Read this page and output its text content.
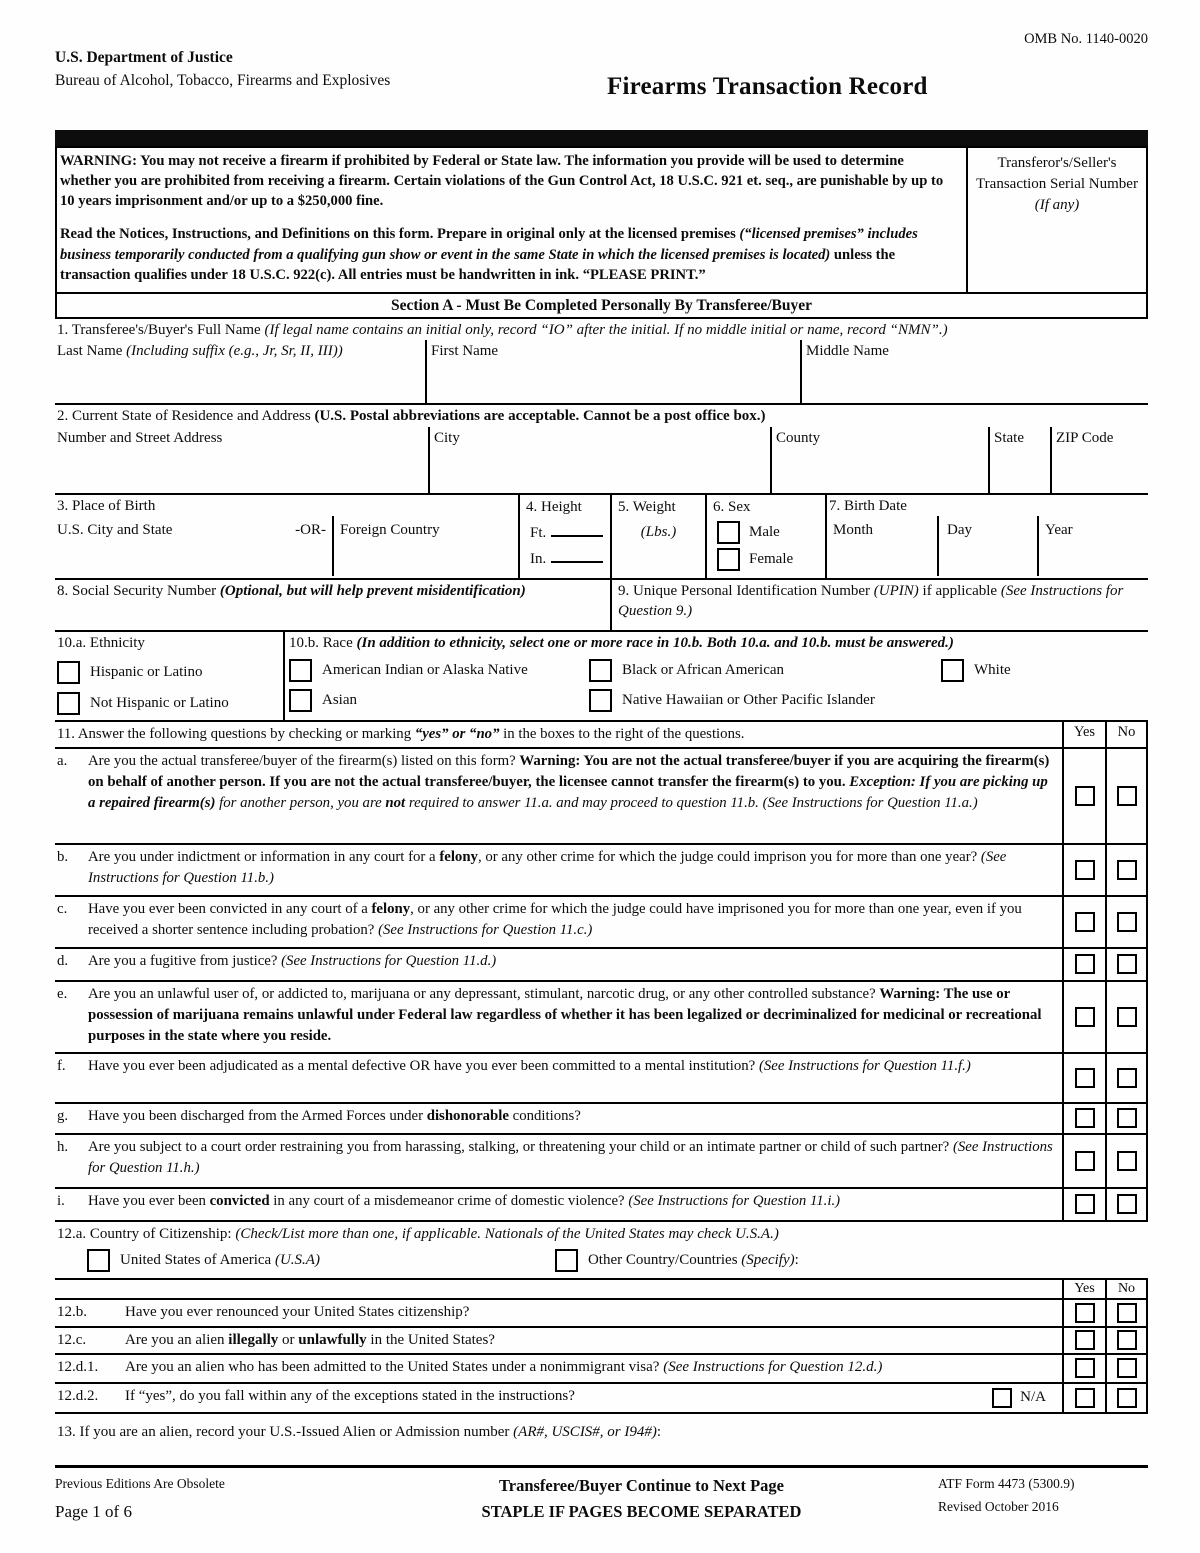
OMB No. 1140-0020
U.S. Department of Justice
Bureau of Alcohol, Tobacco, Firearms and Explosives	Firearms Transaction Record

WARNING: You may not receive a firearm if prohibited by Federal or State law. The information you provide will be used to determine whether you are prohibited from receiving a firearm. Certain violations of the Gun Control Act, 18 U.S.C. 921 et. seq., are punishable by up to 10 years imprisonment and/or up to a $250,000 fine.

Read the Notices, Instructions, and Definitions on this form. Prepare in original only at the licensed premises (“licensed premises” includes business temporarily conducted from a qualifying gun show or event in the same State in which the licensed premises is located) unless the transaction qualifies under 18 U.S.C. 922(c). All entries must be handwritten in ink. “PLEASE PRINT.”

Transferor's/Seller's Transaction Serial Number (If any)
Section A - Must Be Completed Personally By Transferee/Buyer
1. Transferee's/Buyer's Full Name (If legal name contains an initial only, record “IO” after the initial. If no middle initial or name, record “NMN”.)
Last Name (Including suffix (e.g., Jr, Sr, II, III))	First Name	Middle Name
2. Current State of Residence and Address (U.S. Postal abbreviations are acceptable. Cannot be a post office box.)
Number and Street Address	City	County	State	ZIP Code
3. Place of Birth
U.S. City and State	-OR- Foreign Country
4. Height
Ft.
In.
5. Weight
(Lbs.)
6. Sex
Male
Female
7. Birth Date
Month	Day	Year
8. Social Security Number (Optional, but will help prevent misidentification)	9. Unique Personal Identification Number (UPIN) if applicable (See Instructions for Question 9.)
10.a. Ethnicity
Hispanic or Latino
Not Hispanic or Latino
10.b. Race (In addition to ethnicity, select one or more race in 10.b. Both 10.a. and 10.b. must be answered.)
American Indian or Alaska Native
Asian
Black or African American
Native Hawaiian or Other Pacific Islander
White
11. Answer the following questions by checking or marking “yes” or “no” in the boxes to the right of the questions.	Yes	No
a.	Are you the actual transferee/buyer of the firearm(s) listed on this form? Warning: You are not the actual transferee/buyer if you are acquiring the firearm(s) on behalf of another person. If you are not the actual transferee/buyer, the licensee cannot transfer the firearm(s) to you. Exception: If you are picking up a repaired firearm(s) for another person, you are not required to answer 11.a. and may proceed to question 11.b. (See Instructions for Question 11.a.)
b.	Are you under indictment or information in any court for a felony, or any other crime for which the judge could imprison you for more than one year? (See Instructions for Question 11.b.)
c.	Have you ever been convicted in any court of a felony, or any other crime for which the judge could have imprisoned you for more than one year, even if you received a shorter sentence including probation? (See Instructions for Question 11.c.)
d.	Are you a fugitive from justice? (See Instructions for Question 11.d.)
e.	Are you an unlawful user of, or addicted to, marijuana or any depressant, stimulant, narcotic drug, or any other controlled substance? Warning: The use or possession of marijuana remains unlawful under Federal law regardless of whether it has been legalized or decriminalized for medicinal or recreational purposes in the state where you reside.
f.	Have you ever been adjudicated as a mental defective OR have you ever been committed to a mental institution? (See Instructions for Question 11.f.)
g.	Have you been discharged from the Armed Forces under dishonorable conditions?
h.	Are you subject to a court order restraining you from harassing, stalking, or threatening your child or an intimate partner or child of such partner? (See Instructions for Question 11.h.)
i.	Have you ever been convicted in any court of a misdemeanor crime of domestic violence? (See Instructions for Question 11.i.)
12.a. Country of Citizenship: (Check/List more than one, if applicable. Nationals of the United States may check U.S.A.)
United States of America (U.S.A)	Other Country/Countries (Specify):
Yes	No
12.b.	Have you ever renounced your United States citizenship?
12.c.	Are you an alien illegally or unlawfully in the United States?
12.d.1.	Are you an alien who has been admitted to the United States under a nonimmigrant visa? (See Instructions for Question 12.d.)
12.d.2.	If “yes”, do you fall within any of the exceptions stated in the instructions?	N/A
13. If you are an alien, record your U.S.-Issued Alien or Admission number (AR#, USCIS#, or I94#):
Previous Editions Are Obsolete
Page 1 of 6
Transferee/Buyer Continue to Next Page
STAPLE IF PAGES BECOME SEPARATED
ATF Form 4473 (5300.9)
Revised October 2016
